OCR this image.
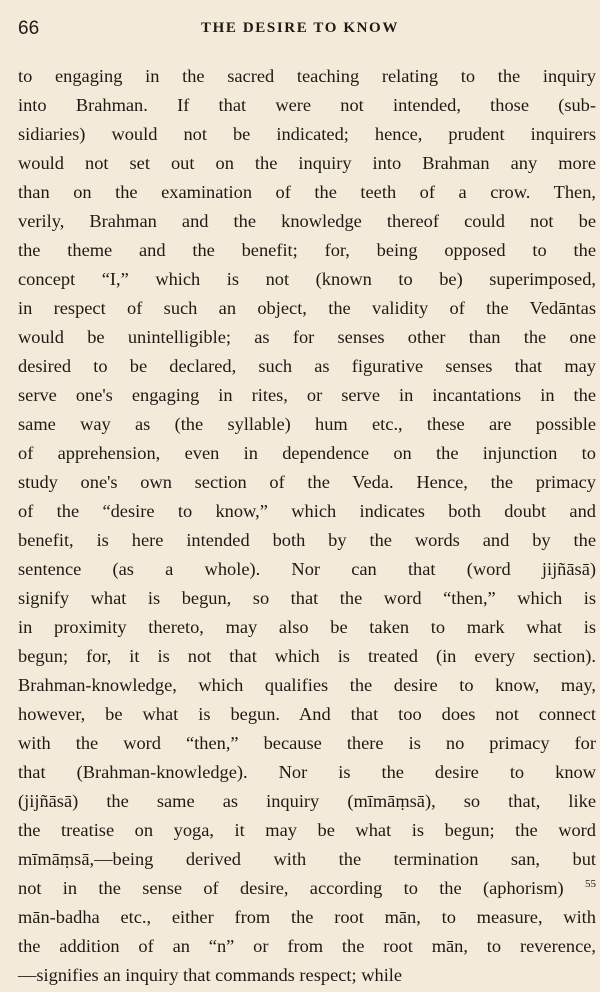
66	THE DESIRE TO KNOW
to engaging in the sacred teaching relating to the inquiry
into Brahman. If that were not intended, those (sub-
sidiaries) would not be indicated; hence, prudent inquirers
would not set out on the inquiry into Brahman any more
than on the examination of the teeth of a crow. Then,
verily, Brahman and the knowledge thereof could not be
the theme and the benefit; for, being opposed to the
concept “I,” which is not (known to be) superimposed,
in respect of such an object, the validity of the Vedāntas
would be unintelligible; as for senses other than the one
desired to be declared, such as figurative senses that may
serve one's engaging in rites, or serve in incantations in the
same way as (the syllable) hum etc., these are possible
of apprehension, even in dependence on the injunction to
study one's own section of the Veda. Hence, the primacy
of the “desire to know,” which indicates both doubt and
benefit, is here intended both by the words and by the
sentence (as a whole). Nor can that (word jijñāsā)
signify what is begun, so that the word “then,” which is
in proximity thereto, may also be taken to mark what is
begun; for, it is not that which is treated (in every section).
Brahman-knowledge, which qualifies the desire to know, may,
however, be what is begun. And that too does not connect
with the word “then,” because there is no primacy for
that (Brahman-knowledge). Nor is the desire to know
(jijñāsā) the same as inquiry (mīmāṃsā), so that, like
the treatise on yoga, it may be what is begun; the word
mīmāṃsā,—being derived with the termination san, but
not in the sense of desire, according to the (aphorism) $^{55}$
mān-badha etc., either from the root mān, to measure, with
the addition of an “n” or from the root mān, to reverence,
—signifies an inquiry that commands respect; while
